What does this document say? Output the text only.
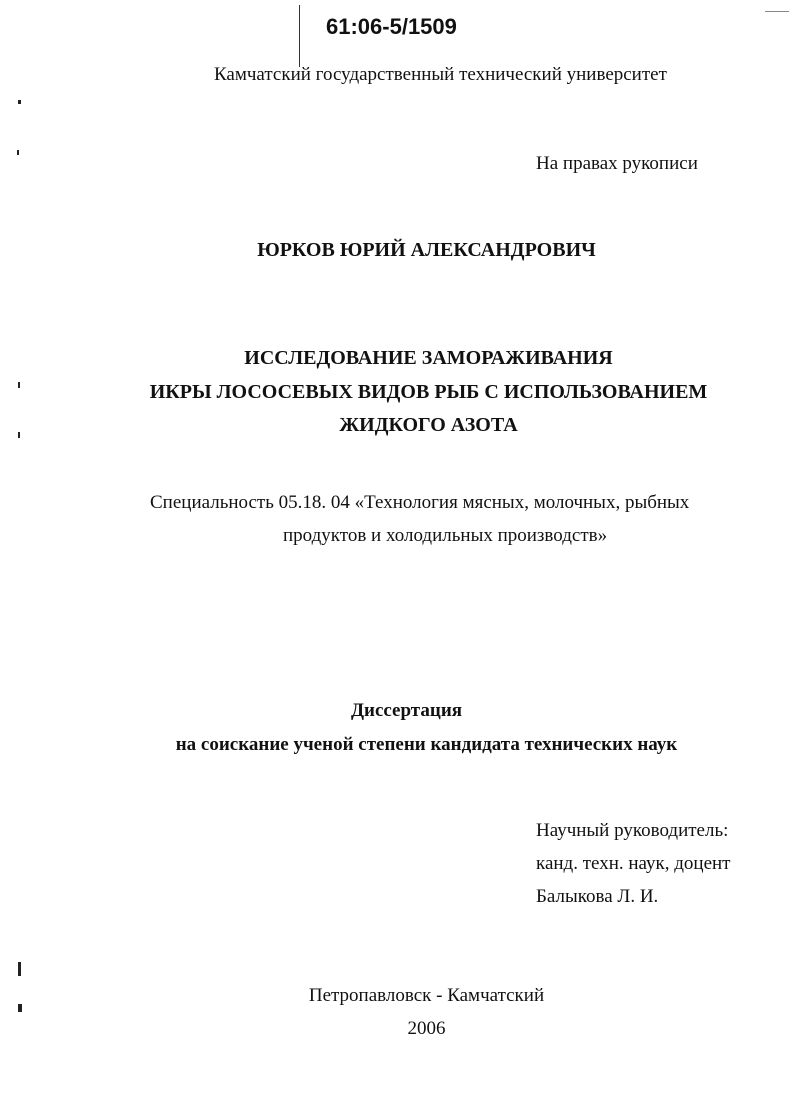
61:06-5/1509
Камчатский государственный технический университет
На правах рукописи
ЮРКОВ ЮРИЙ АЛЕКСАНДРОВИЧ
ИССЛЕДОВАНИЕ ЗАМОРАЖИВАНИЯ
ИКРЫ ЛОСОСЕВЫХ ВИДОВ РЫБ С ИСПОЛЬЗОВАНИЕМ
ЖИДКОГО АЗОТА
Специальность 05.18. 04 «Технология мясных, молочных, рыбных
продуктов и холодильных производств»
Диссертация
на соискание ученой степени кандидата технических наук
Научный руководитель:
канд. техн. наук, доцент
Балыкова Л. И.
Петропавловск - Камчатский
2006
